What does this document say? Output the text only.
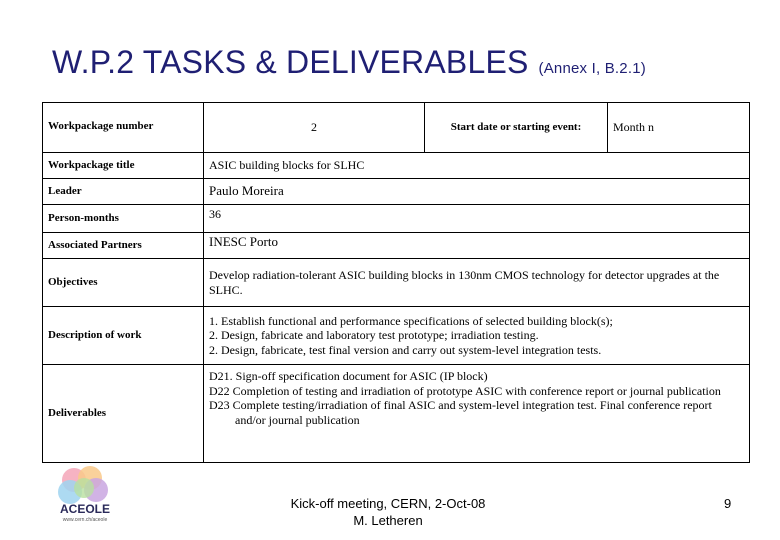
W.P.2 TASKS & DELIVERABLES (Annex I, B.2.1)
Workpackage number	2	Start date or starting event:	Month n
Workpackage title	ASIC building blocks for SLHC		
Leader	Paulo Moreira		
Person-months	36		
Associated Partners	INESC Porto		
Objectives	Develop radiation-tolerant ASIC building blocks in 130nm CMOS technology for detector upgrades at the SLHC.		
Description of work	1. Establish functional and performance specifications of selected building block(s);
2. Design, fabricate and laboratory test prototype; irradiation testing.
2. Design, fabricate, test final version and carry out system-level integration tests.		

Deliverables	D21. Sign-off specification document for ASIC (IP block)
D22 Completion of testing and irradiation of prototype ASIC with conference report or journal publication
D23 Complete testing/irradiation of final ASIC and system-level integration test. Final conference report and/or journal publication		
ACEOLE
www.cern.ch/aceole
Kick-off meeting, CERN, 2-Oct-08
M. Letheren
9
